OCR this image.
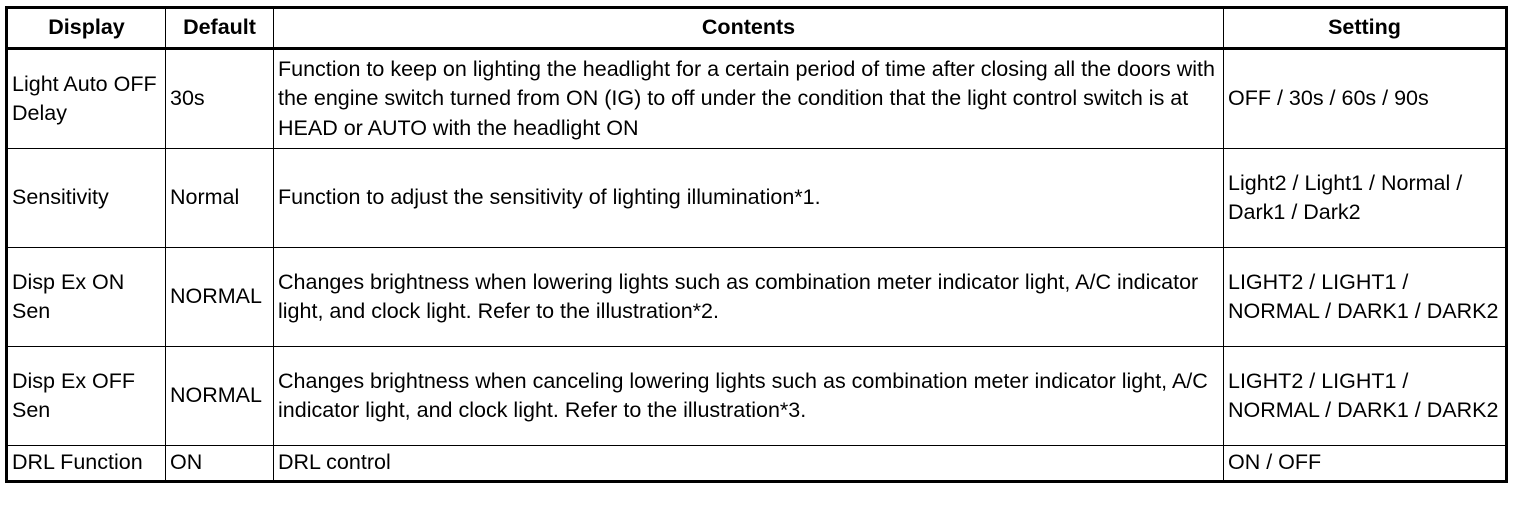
Display	Default	Contents	Setting
Light Auto OFF Delay	30s	Function to keep on lighting the headlight for a certain period of time after closing all the doors with the engine switch turned from ON (IG) to off under the condition that the light control switch is at HEAD or AUTO with the headlight ON	OFF / 30s / 60s / 90s
Sensitivity	Normal	Function to adjust the sensitivity of lighting illumination*1.	Light2 / Light1 / Normal / Dark1 / Dark2
Disp Ex ON Sen	NORMAL	Changes brightness when lowering lights such as combination meter indicator light, A/C indicator light, and clock light. Refer to the illustration*2.	LIGHT2 / LIGHT1 / NORMAL / DARK1 / DARK2
Disp Ex OFF Sen	NORMAL	Changes brightness when canceling lowering lights such as combination meter indicator light, A/C indicator light, and clock light. Refer to the illustration*3.	LIGHT2 / LIGHT1 / NORMAL / DARK1 / DARK2
DRL Function	ON	DRL control	ON / OFF
